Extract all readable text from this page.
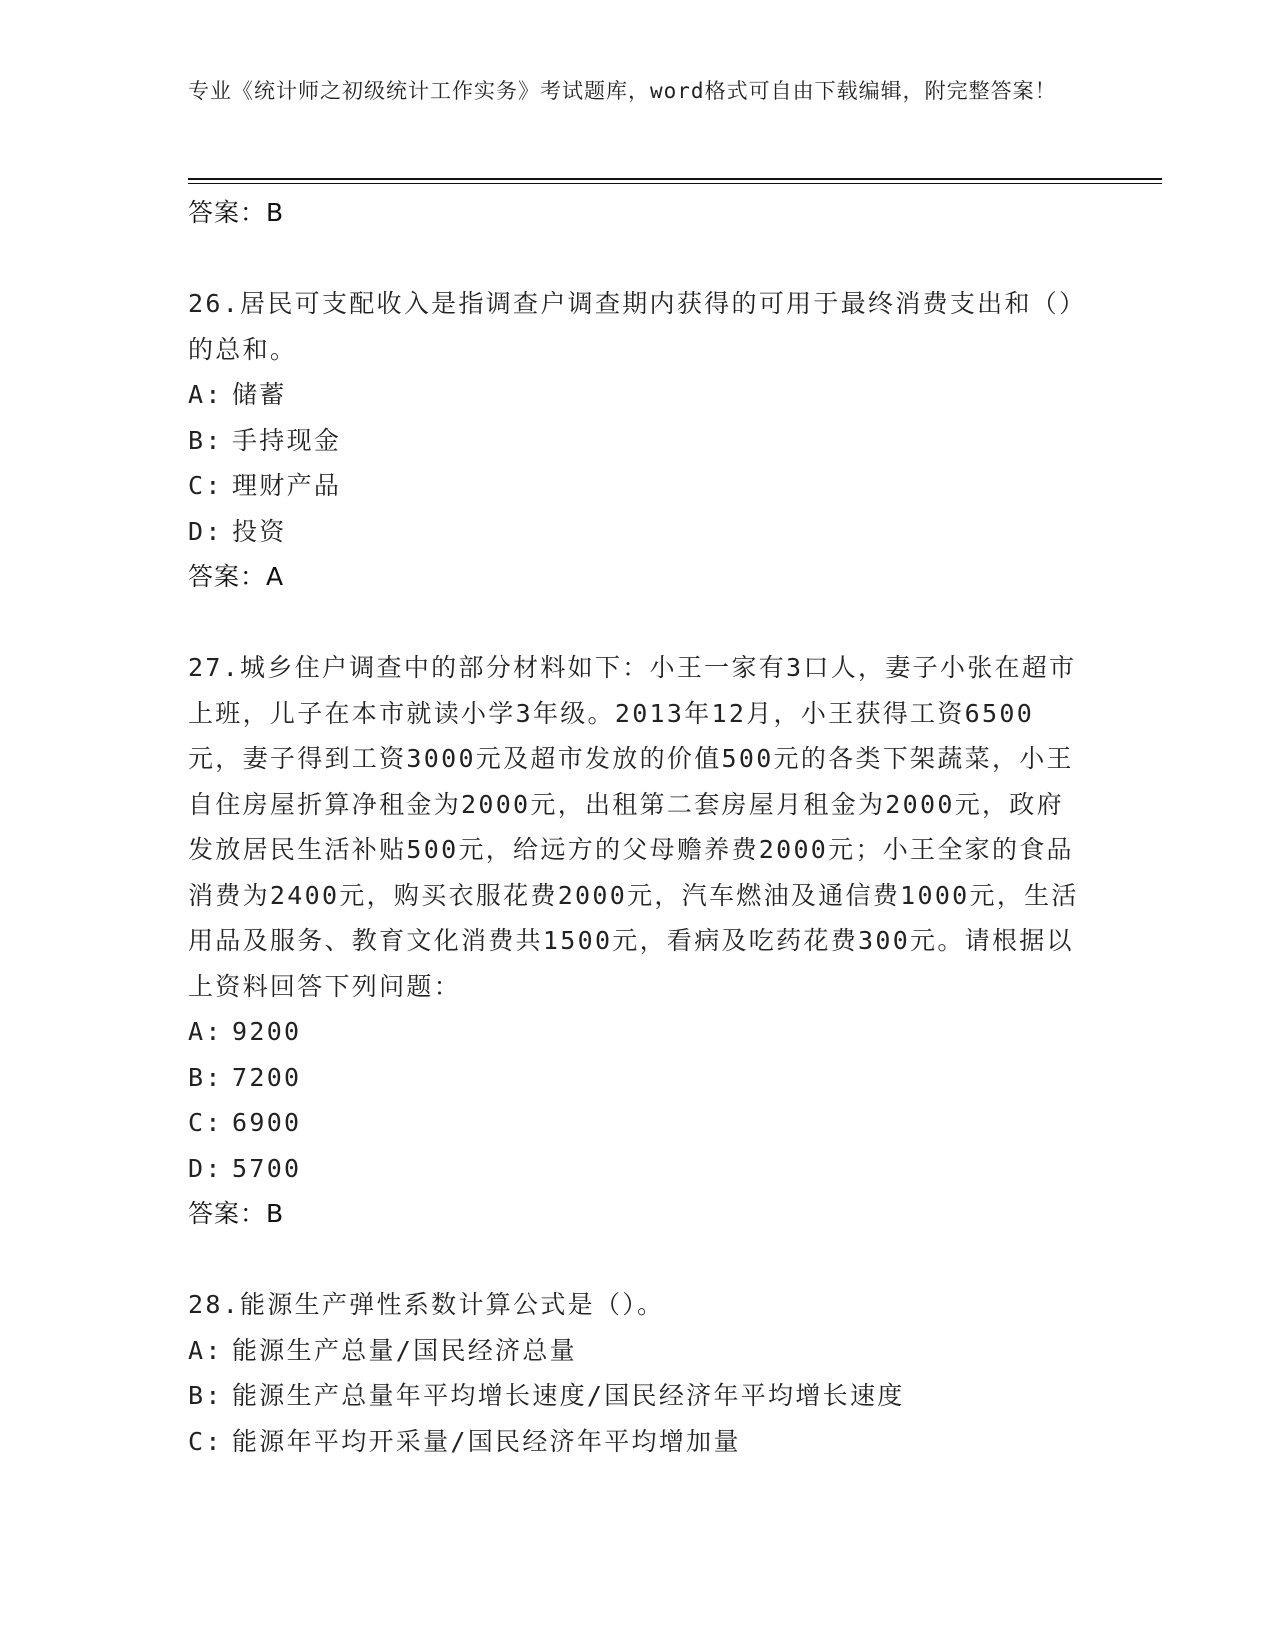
专业《统计师之初级统计工作实务》考试题库，word格式可自由下载编辑，附完整答案！
答案：B

26.居民可支配收入是指调查户调查期内获得的可用于最终消费支出和（）的总和。

A: 储蓄
B: 手持现金
C: 理财产品
D: 投资
答案：A

27.城乡住户调查中的部分材料如下：小王一家有3口人，妻子小张在超市上班，儿子在本市就读小学3年级。2013年12月，小王获得工资6500元，妻子得到工资3000元及超市发放的价值500元的各类下架蔬菜，小王自住房屋折算净租金为2000元，出租第二套房屋月租金为2000元，政府发放居民生活补贴500元，给远方的父母赡养费2000元；小王全家的食品消费为2400元，购买衣服花费2000元，汽车燃油及通信费1000元，生活用品及服务、教育文化消费共1500元，看病及吃药花费300元。请根据以上资料回答下列问题：

A: 9200
B: 7200
C: 6900
D: 5700
答案：B

28.能源生产弹性系数计算公式是（）。

A: 能源生产总量/国民经济总量
B: 能源生产总量年平均增长速度/国民经济年平均增长速度
C: 能源年平均开采量/国民经济年平均增加量
